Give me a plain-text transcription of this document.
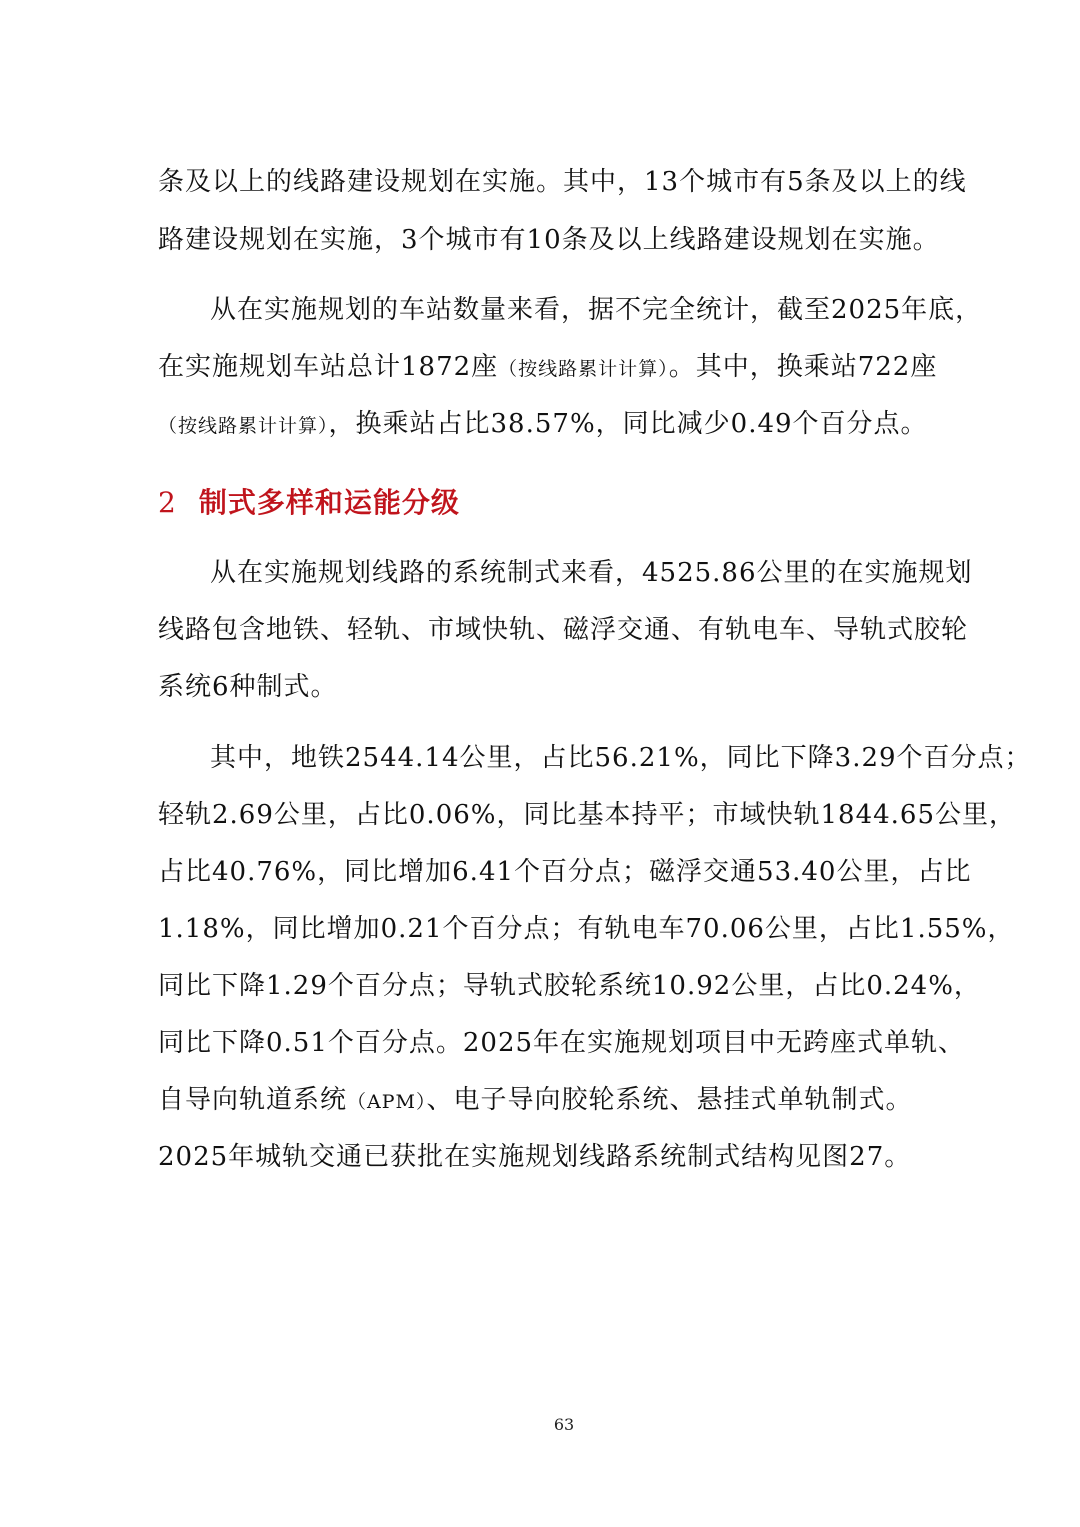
条及以上的线路建设规划在实施。其中，13个城市有5条及以上的线
路建设规划在实施，3个城市有10条及以上线路建设规划在实施。
从在实施规划的车站数量来看，据不完全统计，截至2025年底，
在实施规划车站总计1872座（按线路累计计算）。其中，换乘站722座
（按线路累计计算），换乘站占比38.57%，同比减少0.49个百分点。
2 制式多样和运能分级
从在实施规划线路的系统制式来看，4525.86公里的在实施规划
线路包含地铁、轻轨、市域快轨、磁浮交通、有轨电车、导轨式胶轮
系统6种制式。
其中，地铁2544.14公里，占比56.21%，同比下降3.29个百分点；
轻轨2.69公里，占比0.06%，同比基本持平；市域快轨1844.65公里，
占比40.76%，同比增加6.41个百分点；磁浮交通53.40公里，占比
1.18%，同比增加0.21个百分点；有轨电车70.06公里，占比1.55%，
同比下降1.29个百分点；导轨式胶轮系统10.92公里，占比0.24%，
同比下降0.51个百分点。2025年在实施规划项目中无跨座式单轨、
自导向轨道系统（APM）、电子导向胶轮系统、悬挂式单轨制式。
2025年城轨交通已获批在实施规划线路系统制式结构见图27。
63
